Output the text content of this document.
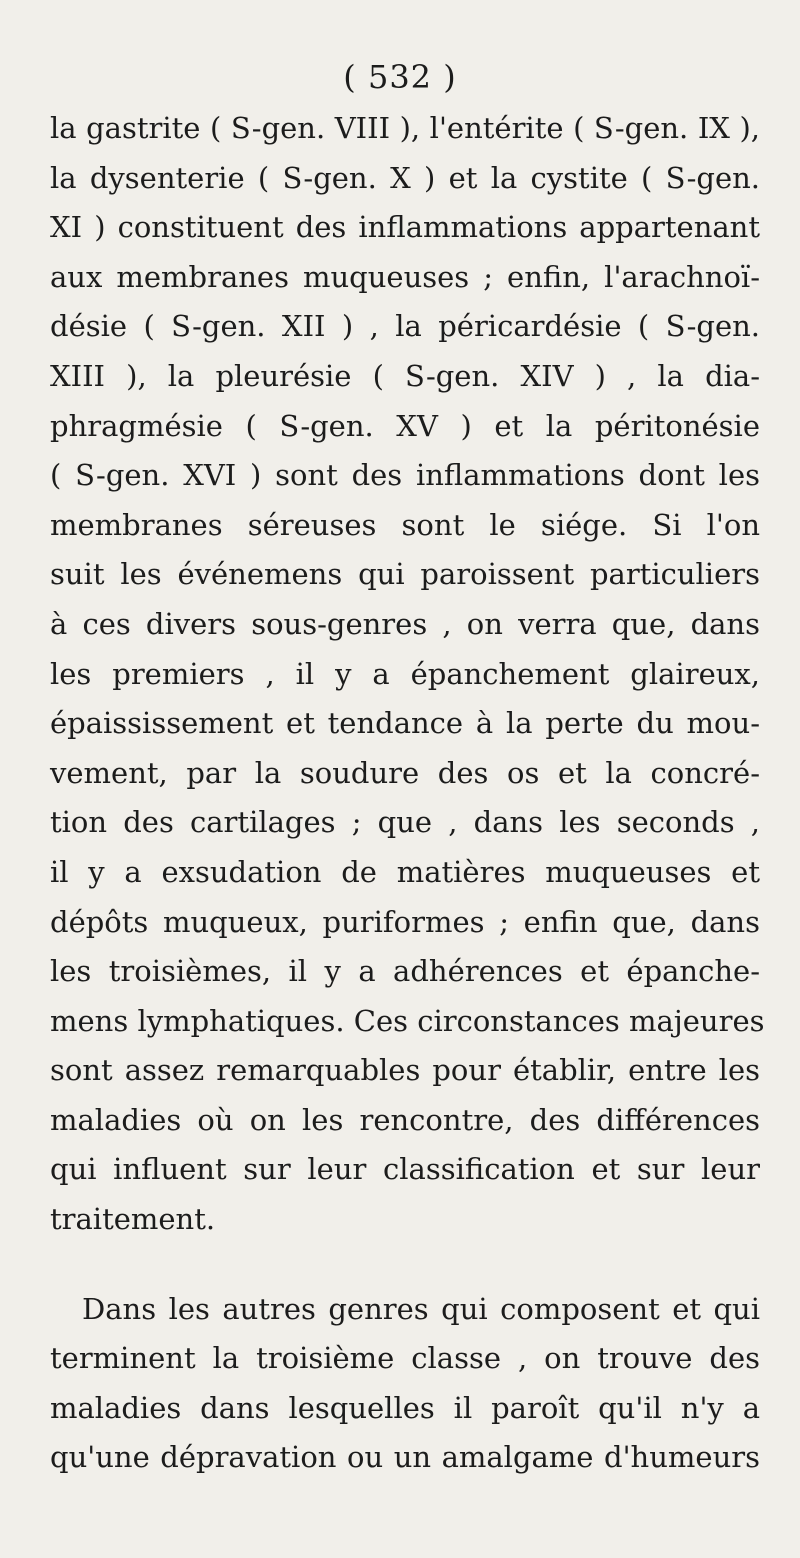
( 532 )
la gastrite ( S-gen. VIII ), l'entérite ( S-gen. IX ),
la dysenterie ( S-gen. X ) et la cystite ( S-gen.
XI ) constituent des inflammations appartenant
aux membranes muqueuses ; enfin, l'arachnoï-
désie ( S-gen. XII ) , la péricardésie ( S-gen.
XIII ), la pleurésie ( S-gen. XIV ) , la dia-
phragmésie ( S-gen. XV ) et la péritonésie
( S-gen. XVI ) sont des inflammations dont les
membranes séreuses sont le siége. Si l'on
suit les événemens qui paroissent particuliers
à ces divers sous-genres , on verra que, dans
les premiers , il y a épanchement glaireux,
épaississement et tendance à la perte du mou-
vement, par la soudure des os et la concré-
tion des cartilages ; que , dans les seconds ,
il y a exsudation de matières muqueuses et
dépôts muqueux, puriformes ; enfin que, dans
les troisièmes, il y a adhérences et épanche-
mens lymphatiques. Ces circonstances majeures
sont assez remarquables pour établir, entre les
maladies où on les rencontre, des différences
qui influent sur leur classification et sur leur
traitement.
Dans les autres genres qui composent et qui
terminent la troisième classe , on trouve des
maladies dans lesquelles il paroît qu'il n'y a
qu'une dépravation ou un amalgame d'humeurs
